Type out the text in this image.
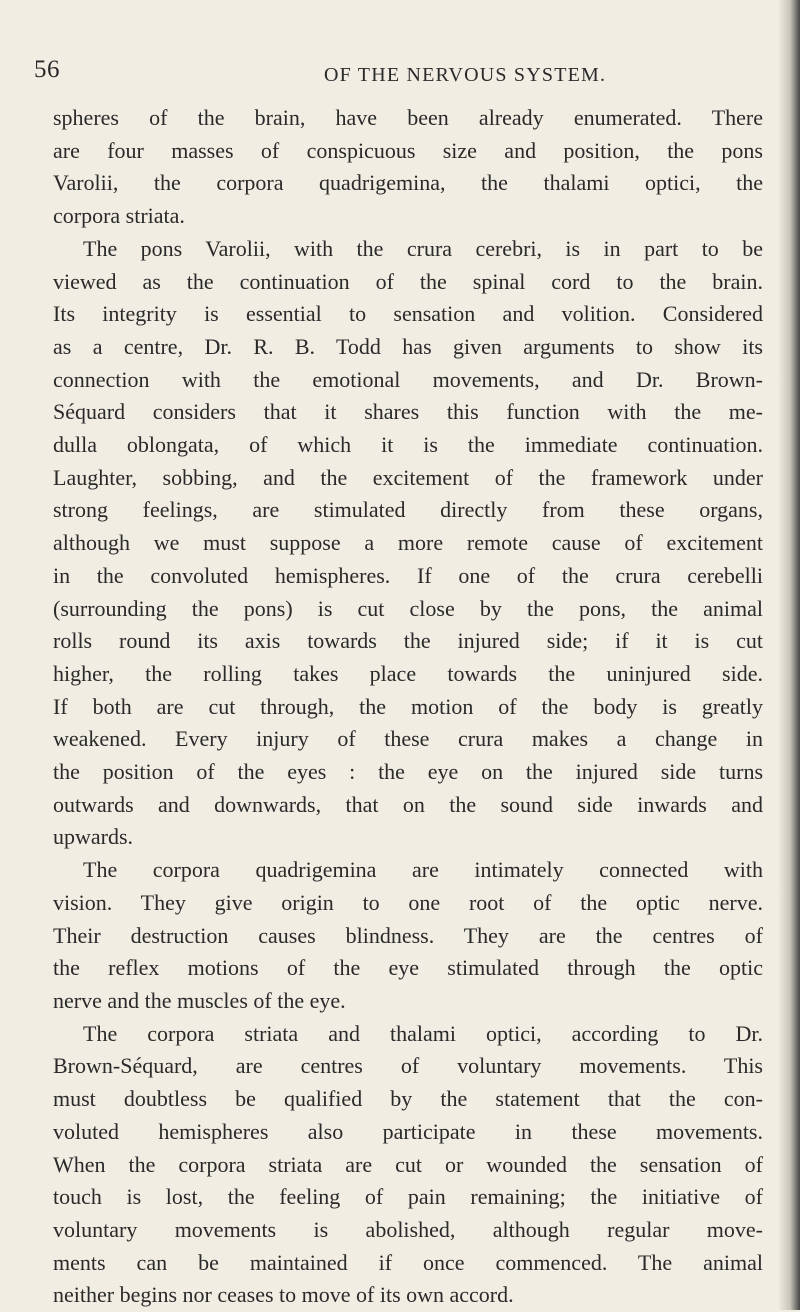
56	OF THE NERVOUS SYSTEM.
spheres of the brain, have been already enumerated. There
are four masses of conspicuous size and position, the pons
Varolii, the corpora quadrigemina, the thalami optici, the
corpora striata.
The pons Varolii, with the crura cerebri, is in part to be
viewed as the continuation of the spinal cord to the brain.
Its integrity is essential to sensation and volition. Considered
as a centre, Dr. R. B. Todd has given arguments to show its
connection with the emotional movements, and Dr. Brown-
Séquard considers that it shares this function with the me-
dulla oblongata, of which it is the immediate continuation.
Laughter, sobbing, and the excitement of the framework under
strong feelings, are stimulated directly from these organs,
although we must suppose a more remote cause of excitement
in the convoluted hemispheres. If one of the crura cerebelli
(surrounding the pons) is cut close by the pons, the animal
rolls round its axis towards the injured side; if it is cut
higher, the rolling takes place towards the uninjured side.
If both are cut through, the motion of the body is greatly
weakened. Every injury of these crura makes a change in
the position of the eyes : the eye on the injured side turns
outwards and downwards, that on the sound side inwards and
upwards.
The corpora quadrigemina are intimately connected with
vision. They give origin to one root of the optic nerve.
Their destruction causes blindness. They are the centres of
the reflex motions of the eye stimulated through the optic
nerve and the muscles of the eye.
The corpora striata and thalami optici, according to Dr.
Brown-Séquard, are centres of voluntary movements. This
must doubtless be qualified by the statement that the con-
voluted hemispheres also participate in these movements.
When the corpora striata are cut or wounded the sensation of
touch is lost, the feeling of pain remaining; the initiative of
voluntary movements is abolished, although regular move-
ments can be maintained if once commenced. The animal
neither begins nor ceases to move of its own accord.
